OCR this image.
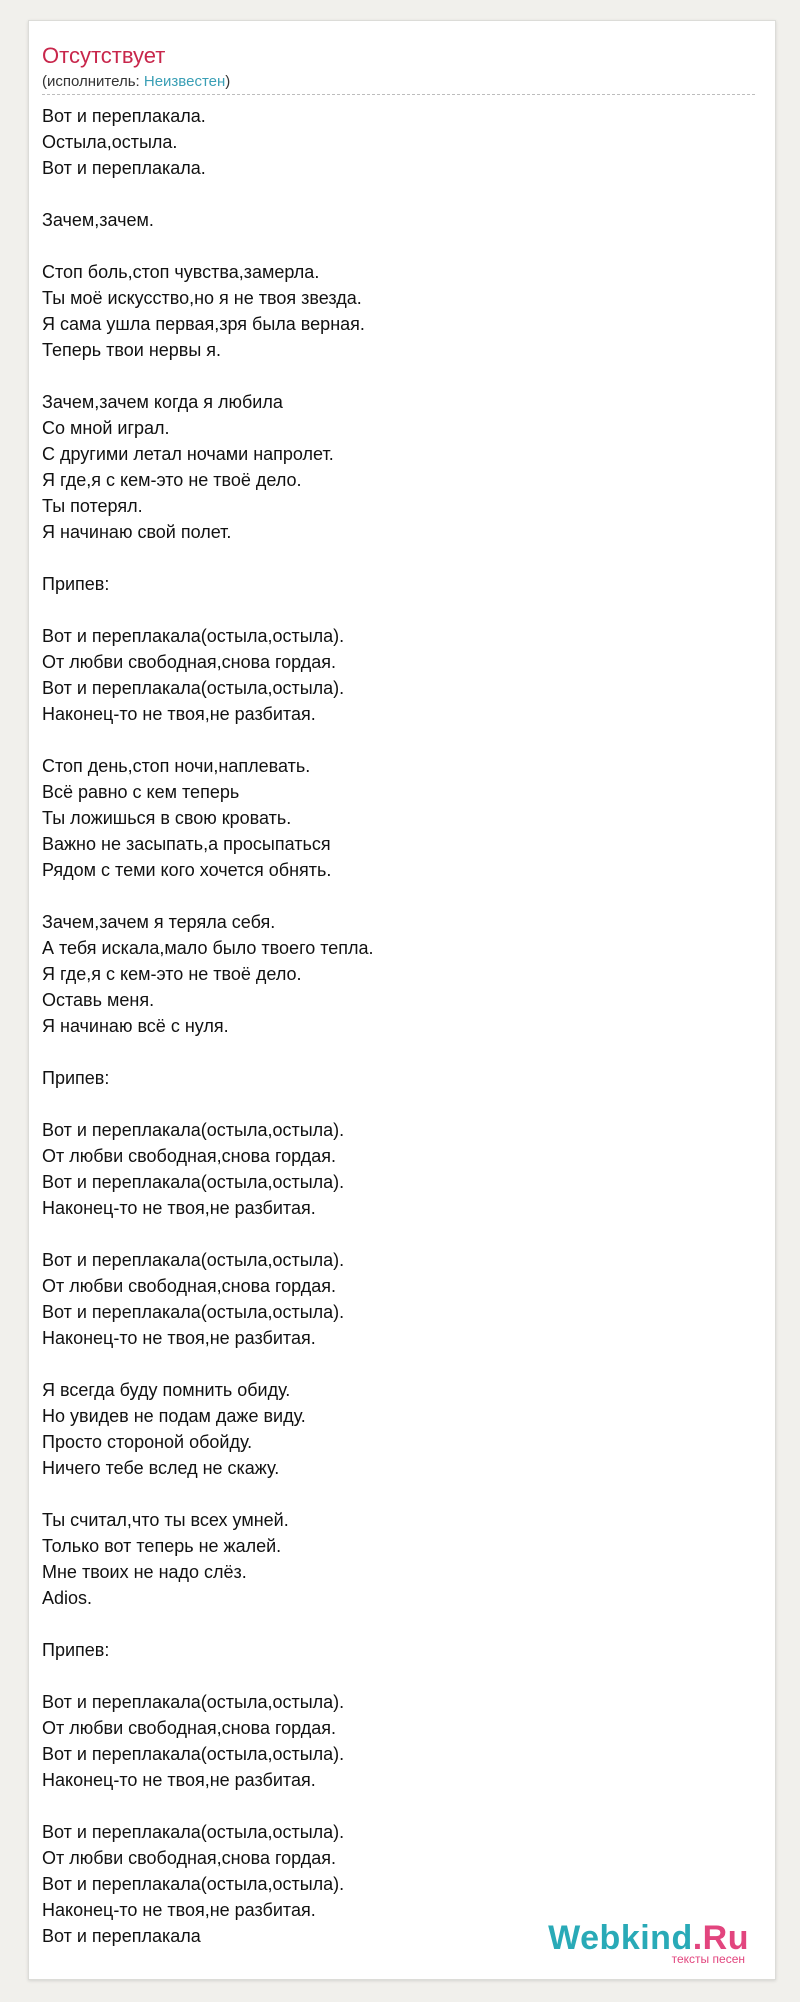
Отсутствует
(исполнитель: Неизвестен)
Вот и переплакала.
Остыла,остыла.
Вот и переплакала.
Зачем,зачем.
Стоп боль,стоп чувства,замерла.
Ты моё искусство,но я не твоя звезда.
Я сама ушла первая,зря была верная.
Теперь твои нервы я.
Зачем,зачем когда я любила
Со мной играл.
С другими летал ночами напролет.
Я где,я с кем-это не твоё дело.
Ты потерял.
Я начинаю свой полет.
Припев:
Вот и переплакала(остыла,остыла).
От любви свободная,снова гордая.
Вот и переплакала(остыла,остыла).
Наконец-то не твоя,не разбитая.
Стоп день,стоп ночи,наплевать.
Всё равно с кем теперь
Ты ложишься в свою кровать.
Важно не засыпать,а просыпаться
Рядом с теми кого хочется обнять.
Зачем,зачем я теряла себя.
А тебя искала,мало было твоего тепла.
Я где,я с кем-это не твоё дело.
Оставь меня.
Я начинаю всё с нуля.
Припев:
Вот и переплакала(остыла,остыла).
От любви свободная,снова гордая.
Вот и переплакала(остыла,остыла).
Наконец-то не твоя,не разбитая.
Вот и переплакала(остыла,остыла).
От любви свободная,снова гордая.
Вот и переплакала(остыла,остыла).
Наконец-то не твоя,не разбитая.
Я всегда буду помнить обиду.
Но увидев не подам даже виду.
Просто стороной обойду.
Ничего тебе вслед не скажу.
Ты считал,что ты всех умней.
Только вот теперь не жалей.
Мне твоих не надо слёз.
Adios.
Припев:
Вот и переплакала(остыла,остыла).
От любви свободная,снова гордая.
Вот и переплакала(остыла,остыла).
Наконец-то не твоя,не разбитая.
Вот и переплакала(остыла,остыла).
От любви свободная,снова гордая.
Вот и переплакала(остыла,остыла).
Наконец-то не твоя,не разбитая.
Вот и переплакала	Webkind.Ru
тексты песен
